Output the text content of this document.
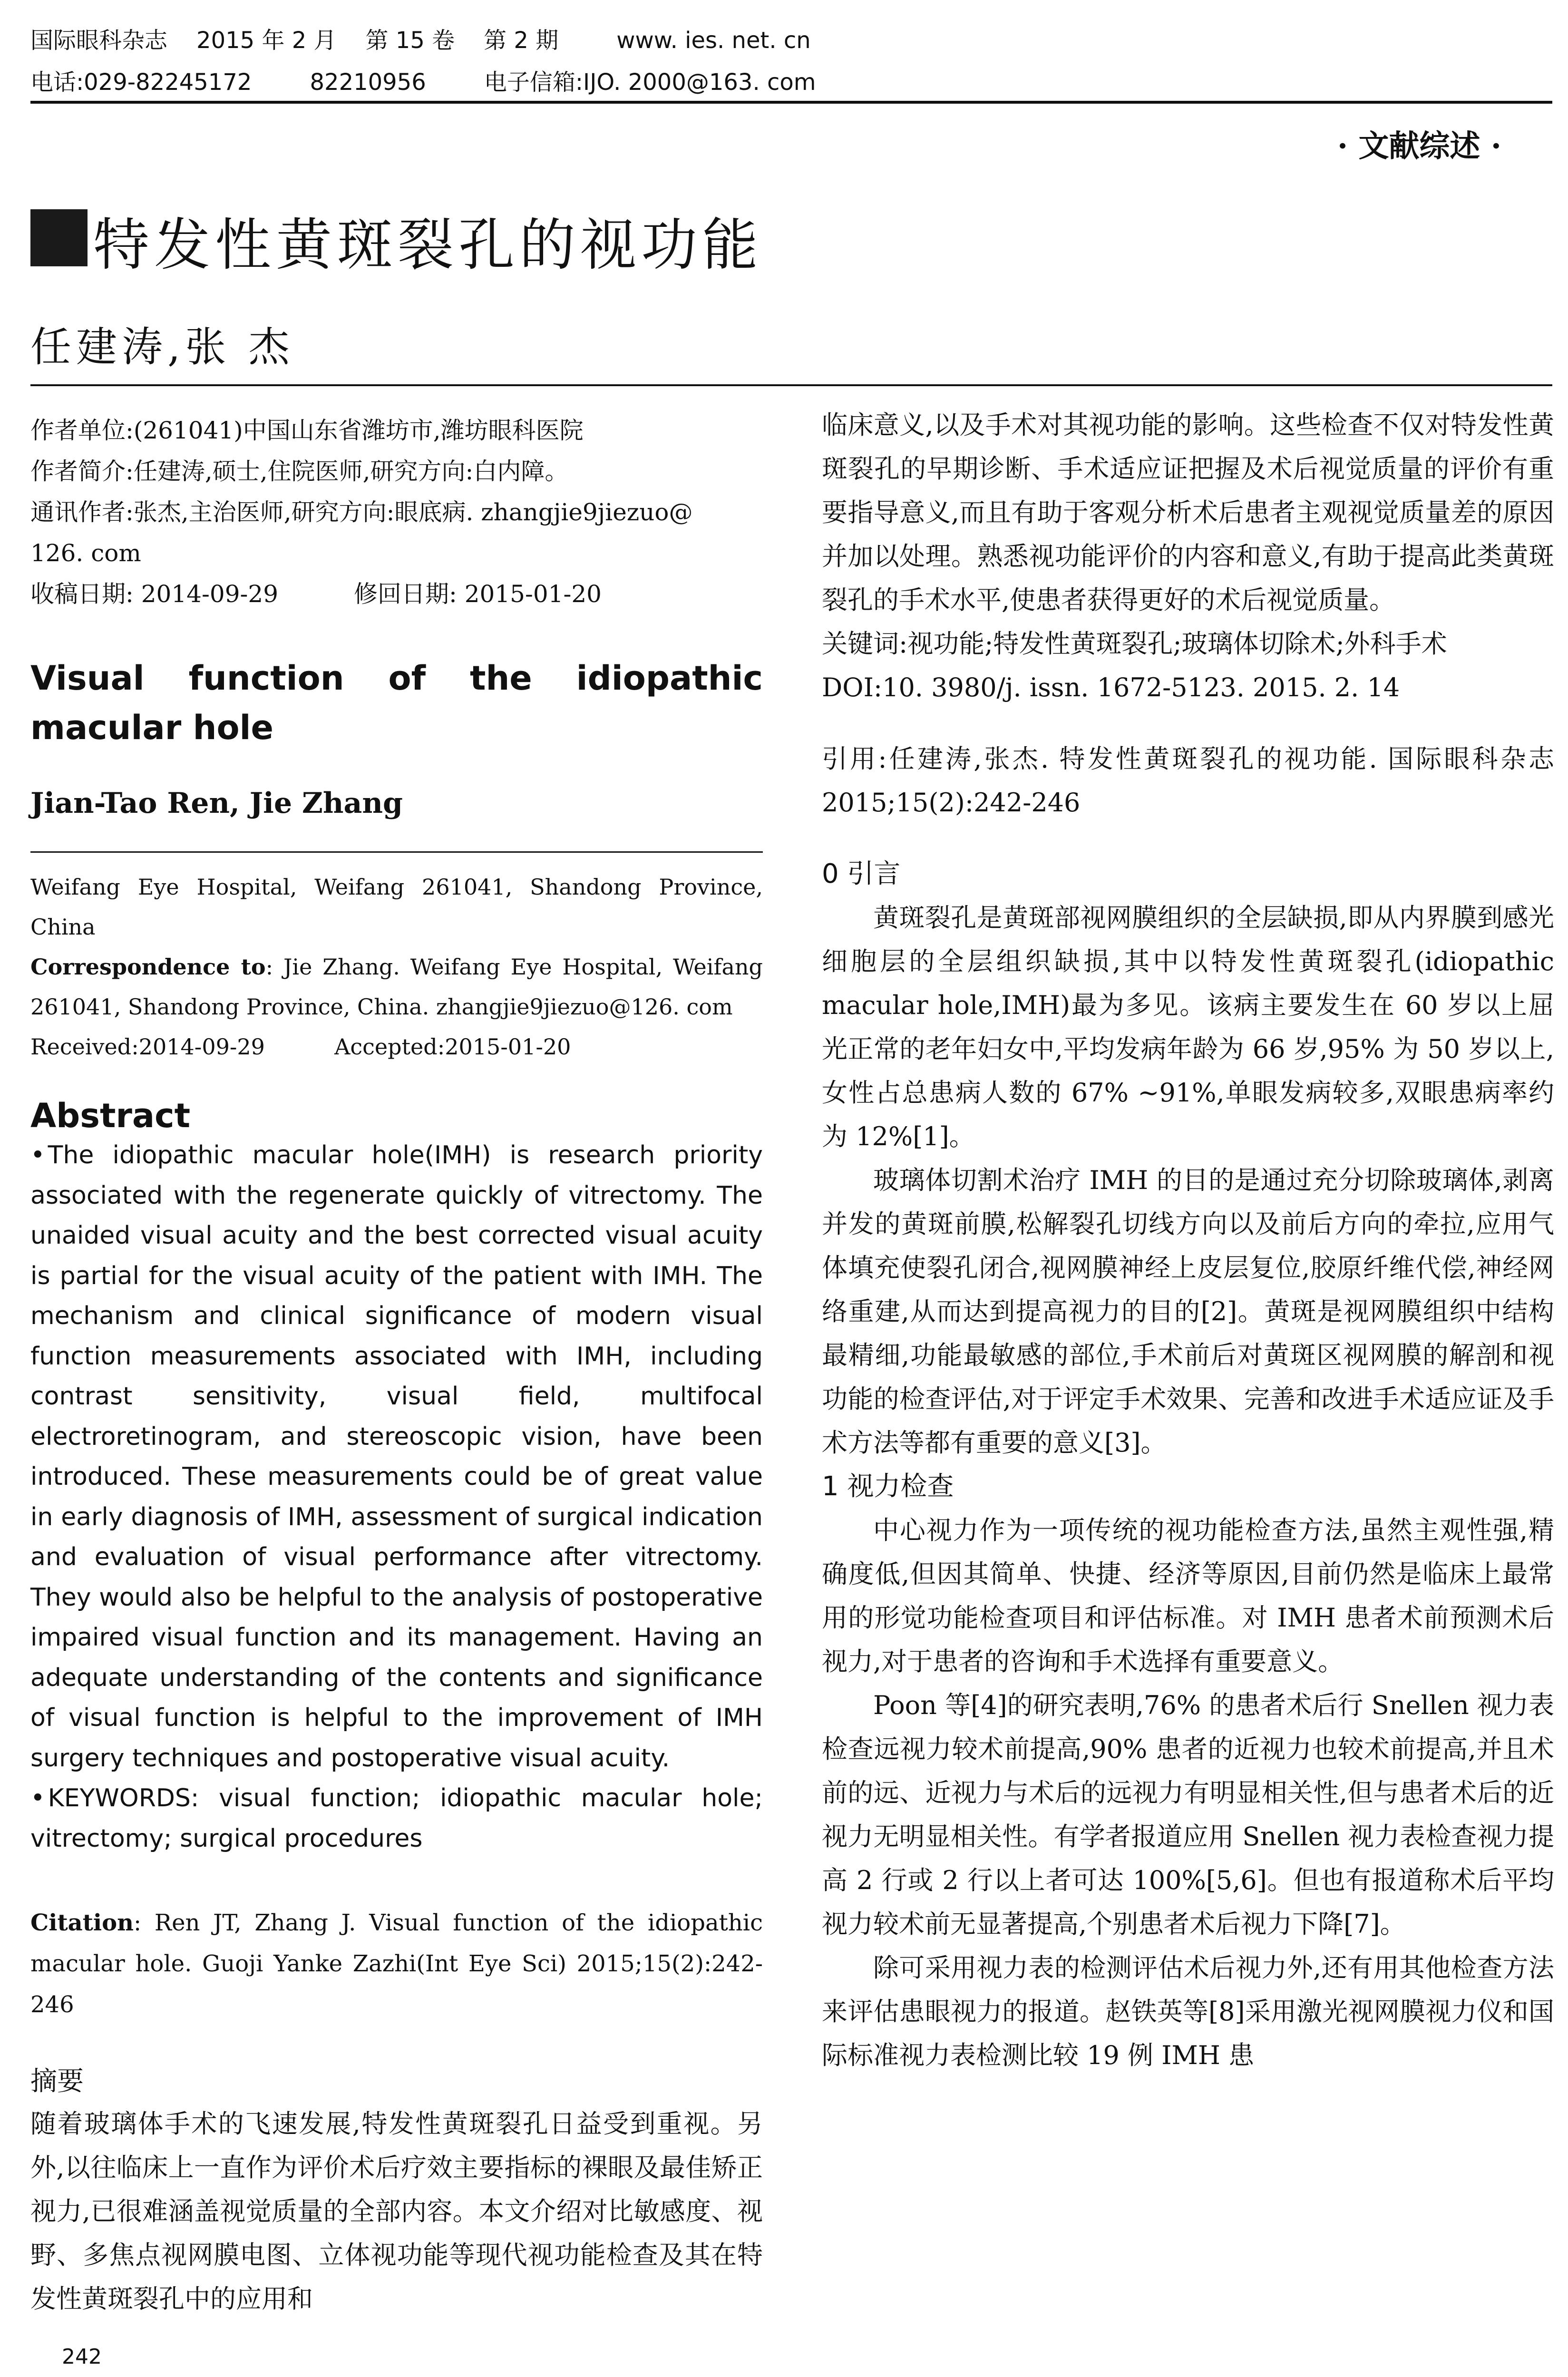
国际眼科杂志    2015 年 2 月    第 15 卷    第 2 期        www. ies. net. cn
电话:029-82245172        82210956        电子信箱:IJO. 2000@163. com
· 文献综述 ·
特发性黄斑裂孔的视功能
任建涛,张 杰

作者单位:(261041)中国山东省潍坊市,潍坊眼科医院

作者简介:任建涛,硕士,住院医师,研究方向:白内障。

通讯作者:张杰,主治医师,研究方向:眼底病. zhangjie9jiezuo@

126. com

收稿日期: 2014-09-29          修回日期: 2015-01-20

Visual function of the idiopathic macular hole

Jian-Tao Ren, Jie Zhang

Weifang Eye Hospital, Weifang 261041, Shandong Province, China

Correspondence to: Jie Zhang. Weifang Eye Hospital, Weifang 261041, Shandong Province, China. zhangjie9jiezuo@126. com

Received:2014-09-29          Accepted:2015-01-20

Abstract

• The idiopathic macular hole(IMH) is research priority associated with the regenerate quickly of vitrectomy. The unaided visual acuity and the best corrected visual acuity is partial for the visual acuity of the patient with IMH. The mechanism and clinical significance of modern visual function measurements associated with IMH, including contrast sensitivity, visual field, multifocal electroretinogram, and stereoscopic vision, have been introduced. These measurements could be of great value in early diagnosis of IMH, assessment of surgical indication and evaluation of visual performance after vitrectomy. They would also be helpful to the analysis of postoperative impaired visual function and its management. Having an adequate understanding of the contents and significance of visual function is helpful to the improvement of IMH surgery techniques and postoperative visual acuity.

• KEYWORDS: visual function; idiopathic macular hole; vitrectomy; surgical procedures

Citation: Ren JT, Zhang J. Visual function of the idiopathic macular hole. Guoji Yanke Zazhi(Int Eye Sci) 2015;15(2):242-246

摘要

随着玻璃体手术的飞速发展,特发性黄斑裂孔日益受到重视。另外,以往临床上一直作为评价术后疗效主要指标的裸眼及最佳矫正视力,已很难涵盖视觉质量的全部内容。本文介绍对比敏感度、视野、多焦点视网膜电图、立体视功能等现代视功能检查及其在特发性黄斑裂孔中的应用和

临床意义,以及手术对其视功能的影响。这些检查不仅对特发性黄斑裂孔的早期诊断、手术适应证把握及术后视觉质量的评价有重要指导意义,而且有助于客观分析术后患者主观视觉质量差的原因并加以处理。熟悉视功能评价的内容和意义,有助于提高此类黄斑裂孔的手术水平,使患者获得更好的术后视觉质量。

关键词:视功能;特发性黄斑裂孔;玻璃体切除术;外科手术

DOI:10. 3980/j. issn. 1672-5123. 2015. 2. 14

引用:任建涛,张杰. 特发性黄斑裂孔的视功能. 国际眼科杂志 2015;15(2):242-246

0 引言

黄斑裂孔是黄斑部视网膜组织的全层缺损,即从内界膜到感光细胞层的全层组织缺损,其中以特发性黄斑裂孔(idiopathic macular hole,IMH)最为多见。该病主要发生在 60 岁以上屈光正常的老年妇女中,平均发病年龄为 66 岁,95% 为 50 岁以上,女性占总患病人数的 67% ~91%,单眼发病较多,双眼患病率约为 12%[1]。

玻璃体切割术治疗 IMH 的目的是通过充分切除玻璃体,剥离并发的黄斑前膜,松解裂孔切线方向以及前后方向的牵拉,应用气体填充使裂孔闭合,视网膜神经上皮层复位,胶原纤维代偿,神经网络重建,从而达到提高视力的目的[2]。黄斑是视网膜组织中结构最精细,功能最敏感的部位,手术前后对黄斑区视网膜的解剖和视功能的检查评估,对于评定手术效果、完善和改进手术适应证及手术方法等都有重要的意义[3]。

1 视力检查

中心视力作为一项传统的视功能检查方法,虽然主观性强,精确度低,但因其简单、快捷、经济等原因,目前仍然是临床上最常用的形觉功能检查项目和评估标准。对 IMH 患者术前预测术后视力,对于患者的咨询和手术选择有重要意义。

Poon 等[4]的研究表明,76% 的患者术后行 Snellen 视力表检查远视力较术前提高,90% 患者的近视力也较术前提高,并且术前的远、近视力与术后的远视力有明显相关性,但与患者术后的近视力无明显相关性。有学者报道应用 Snellen 视力表检查视力提高 2 行或 2 行以上者可达 100%[5,6]。但也有报道称术后平均视力较术前无显著提高,个别患者术后视力下降[7]。

除可采用视力表的检测评估术后视力外,还有用其他检查方法来评估患眼视力的报道。赵铁英等[8]采用激光视网膜视力仪和国际标准视力表检测比较 19 例 IMH 患

242
